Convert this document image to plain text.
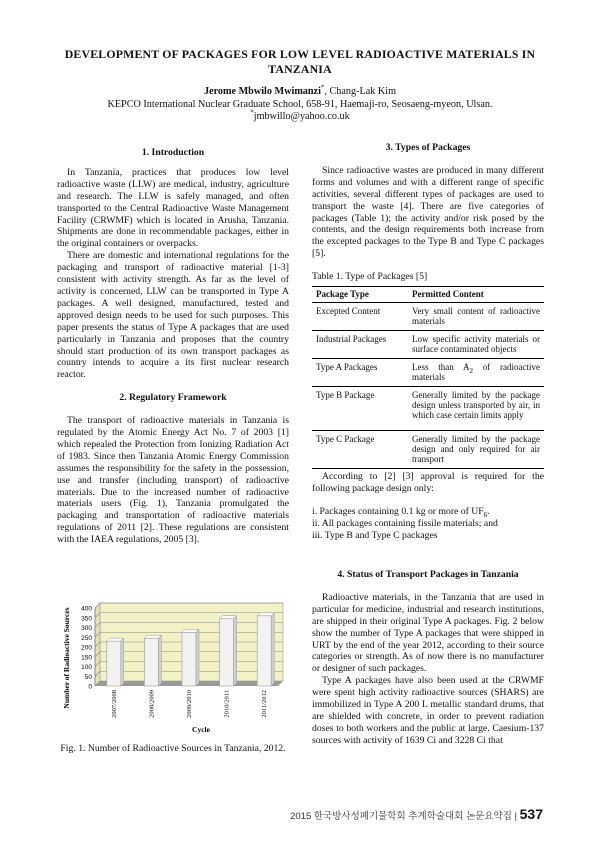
DEVELOPMENT OF PACKAGES FOR LOW LEVEL RADIOACTIVE MATERIALS IN TANZANIA
Jerome Mbwilo Mwimanzi*, Chang-Lak Kim
KEPCO International Nuclear Graduate School, 658-91, Haemaji-ro, Seosaeng-myeon, Ulsan.
*jmbwillo@yahoo.co.uk

1. Introduction

In Tanzania, practices that produces low level radioactive waste (LLW) are medical, industry, agriculture and research. The LLW is safely managed, and often transported to the Central Radioactive Waste Management Facility (CRWMF) which is located in Arusha, Tanzania. Shipments are done in recommendable packages, either in the original containers or overpacks.

There are domestic and international regulations for the packaging and transport of radioactive material [1-3] consistent with activity strength. As far as the level of activity is concerned, LLW can be transported in Type A packages. A well designed, manufactured, tested and approved design needs to be used for such purposes. This paper presents the status of Type A packages that are used particularly in Tanzania and proposes that the country should start production of its own transport packages as country intends to acquire a its first nuclear research reactor.

2. Regulatory Framework

The transport of radioactive materials in Tanzania is regulated by the Atomic Energy Act No. 7 of 2003 [1] which repealed the Protection from Ionizing Radiation Act of 1983. Since then Tanzania Atomic Energy Commission assumes the responsibility for the safety in the possession, use and transfer (including transport) of radioactive materials. Due to the increased number of radioactive materials users (Fig. 1), Tanzania promulgated the packaging and transportation of radioactive materials regulations of 2011 [2]. These regulations are consistent with the IAEA regulations, 2005 [3].

0
50
100
150
200
250
300
350
400
2007/2008	2008/2009	2009/2010	2010/2011	2011/2012
Number of Radioactive Sources
Cycle
Fig. 1. Number of Radioactive Sources in Tanzania, 2012.

3. Types of Packages

Since radioactive wastes are produced in many different forms and volumes and with a different range of specific activities, several different types of packages are used to transport the waste [4]. There are five categories of packages (Table 1); the activity and/or risk posed by the contents, and the design requirements both increase from the excepted packages to the Type B and Type C packages [5].

Table 1. Type of Packages [5]

Package Type	Permitted Content
Excepted Content	Very small content of radioactive materials
Industrial Packages	Low specific activity materials or surface contaminated objects
Type A Packages	Less than $A_2$ of radioactive materials
Type B Package	Generally limited by the package design unless transported by air, in which case certain limits apply
Type C Package	Generally limited by the package design and only required for air transport

According to [2] [3] approval is required for the following package design only:

i. Packages containing 0.1 kg or more of $UF_6$.

ii. All packages containing fissile materials; and

iii. Type B and Type C packages

4. Status of Transport Packages in Tanzania

Radioactive materials, in the Tanzania that are used in particular for medicine, industrial and research institutions, are shipped in their original Type A packages. Fig. 2 below show the number of Type A packages that were shipped in URT by the end of the year 2012, according to their source categories or strength. As of now there is no manufacturer or designer of such packages.

Type A packages have also been used at the CRWMF were spent high activity radioactive sources (SHARS) are immobilized in Type A 200 L metallic standard drums, that are shielded with concrete, in order to prevent radiation doses to both workers and the public at large. Caesium-137 sources with activity of 1639 Ci and 3228 Ci that

2015 한국방사성폐기물학회 추계학술대회 논문요약집 | 537
